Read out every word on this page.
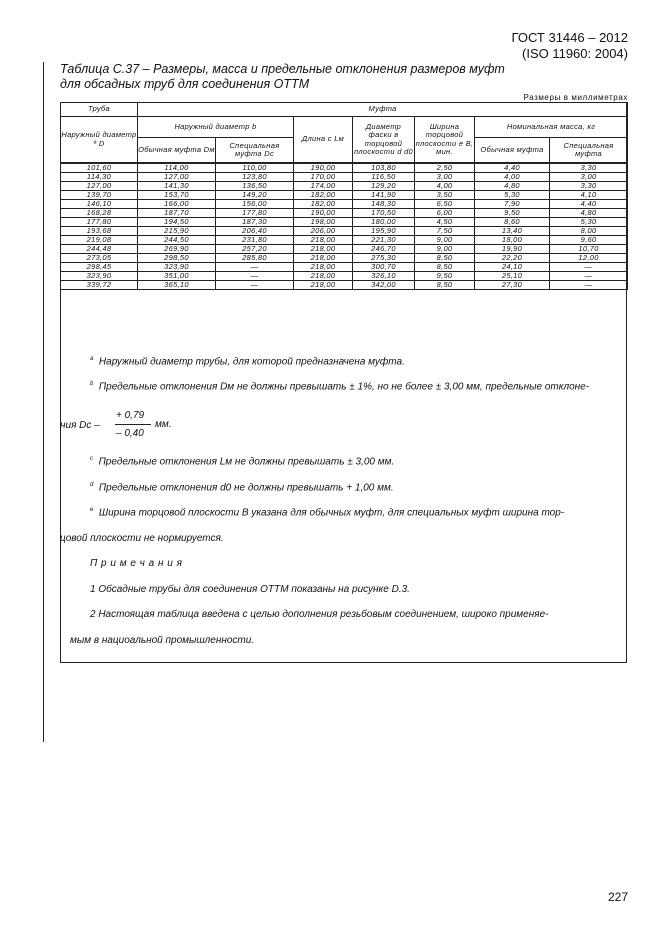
ГОСТ 31446 – 2012
(ISO 11960: 2004)
Таблица С.37 – Размеры, масса и предельные отклонения размеров муфт
для обсадных труб для соединения ОТТМ
Размеры в миллиметрах
Труба	Муфта						
Наружный диаметр ª D	Наружный диаметр b		Длина c Lм	Диаметр фаски в торцовой плоскости d d0	Ширина торцовой плоскости e B, мин.	Номинальная масса, кг	
	Обычная муфта Dм	Специальная муфта Dс				Обычная муфта	Специальная муфта
101,60	114,00	110,00	190,00	103,80	2,50	4,40	3,30
114,30	127,00	123,80	170,00	116,50	3,00	4,00	3,00
127,00	141,30	136,50	174,00	129,20	4,00	4,80	3,30
139,70	153,70	149,20	182,00	141,90	3,50	5,30	4,10
146,10	166,00	156,00	182,00	148,30	6,50	7,90	4,40
168,28	187,70	177,80	190,00	170,50	6,00	9,50	4,80
177,80	194,50	187,30	198,00	180,00	4,50	8,60	5,30
193,68	215,90	206,40	206,00	195,90	7,50	13,40	8,00
219,08	244,50	231,80	218,00	221,30	9,00	18,00	9,60
244,48	269,90	257,20	218,00	246,70	9,00	19,90	10,70
273,05	298,50	285,80	218,00	275,30	8,50	22,20	12,00
298,45	323,90	—	218,00	300,70	8,50	24,10	—
323,90	351,00	—	218,00	326,10	9,50	25,10	—
339,72	365,10	—	218,00	342,00	8,50	27,30	—
$^a$ Наружный диаметр трубы, для которой предназначена муфта.
$^b$ Предельные отклонения Dм не должны превышать ± 1%, но не более ± 3,00 мм, предельные отклоне-
ния Dс –
+ 0,79
– 0,40
мм.
$^c$ Предельные отклонения Lм не должны превышать ± 3,00 мм.
$^d$ Предельные отклонения d0 не должны превышать + 1,00 мм.
$^e$ Ширина торцовой плоскости B указана для обычных муфт, для специальных муфт ширина тор-
цовой плоскости не нормируется.
П р и м е ч а н и я
1 Обсадные трубы для соединения ОТТМ показаны на рисунке D.3.
2 Настоящая таблица введена с целью дополнения резьбовым соединением, широко применяе-
мым в нациоальной промышленности.
227
